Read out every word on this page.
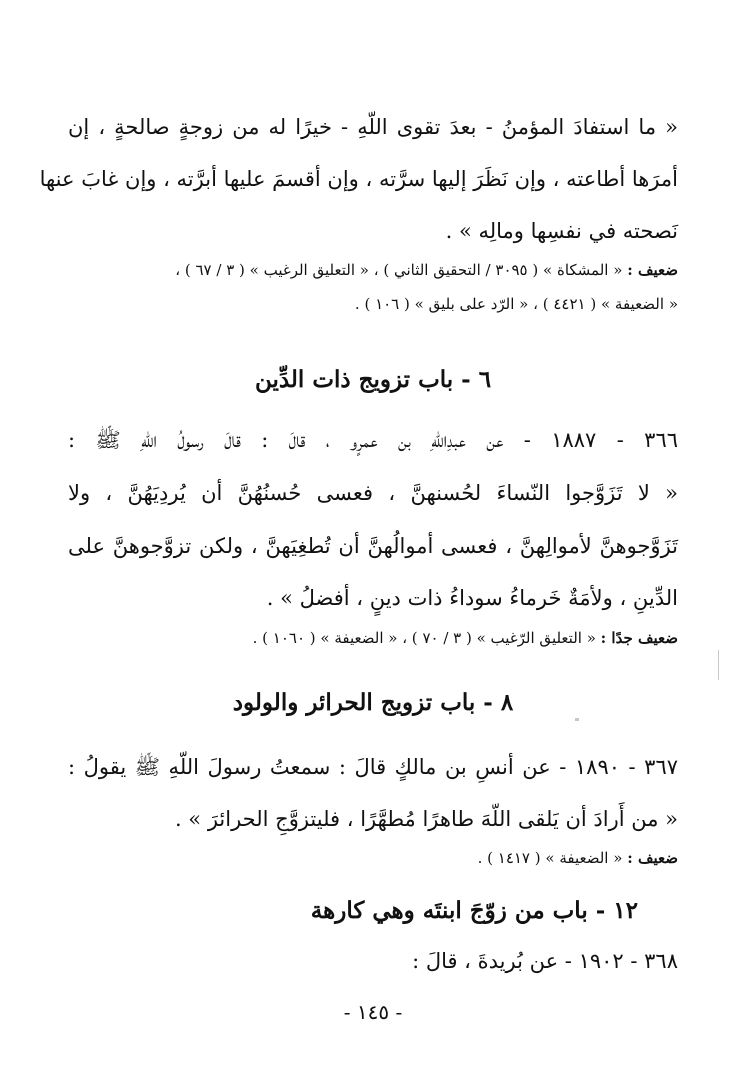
« ما استفادَ المؤمنُ - بعدَ تقوى اللّهِ - خيرًا له من زوجةٍ صالحةٍ ، إن
أمرَها أطاعته ، وإن نَظَرَ إليها سرَّته ، وإن أقسمَ عليها أبرَّته ، وإن غابَ عنها
نَصحته في نفسِها ومالِه » .
ضعيف : « المشكاة » ( ٣٠٩٥ / التحقيق الثاني ) ، « التعليق الرغيب » ( ٣ / ٦٧ ) ،
« الضعيفة » ( ٤٤٢١ ) ، « الرّد على بليق » ( ١٠٦ ) .
٦ - باب تزويج ذات الدِّين
٣٦٦ - ١٨٨٧ - عن عبدِاللّهِ بن عمرٍو ، قالَ : قالَ رسولُ اللّهِ ﷺ :
« لا تَزَوَّجوا النّساءَ لحُسنهنَّ ، فعسى حُسنُهُنَّ أن يُردِيَهُنَّ ، ولا
تَزَوَّجوهنَّ لأموالِهنَّ ، فعسى أموالُهنَّ أن تُطغِيَهنَّ ، ولكن تزوَّجوهنَّ على
الدِّينِ ، ولأمَةٌ خَرماءُ سوداءُ ذات دينٍ ، أفضلُ » .
ضعيف جدًا : « التعليق الرّغيب » ( ٣ / ٧٠ ) ، « الضعيفة » ( ١٠٦٠ ) .
٨ - باب تزويج الحرائر والولود
٣٦٧ - ١٨٩٠ - عن أنسِ بن مالكٍ قالَ : سمعتُ رسولَ اللّهِ ﷺ يقولُ :
« من أَرادَ أن يَلقى اللّهَ طاهرًا مُطهَّرًا ، فليتزوَّجِ الحرائرَ » .
ضعيف : « الضعيفة » ( ١٤١٧ ) .
١٢ - باب من زوّجَ ابنتَه وهي كارهة
٣٦٨ - ١٩٠٢ - عن بُريدةَ ، قالَ :
- ١٤٥ -
